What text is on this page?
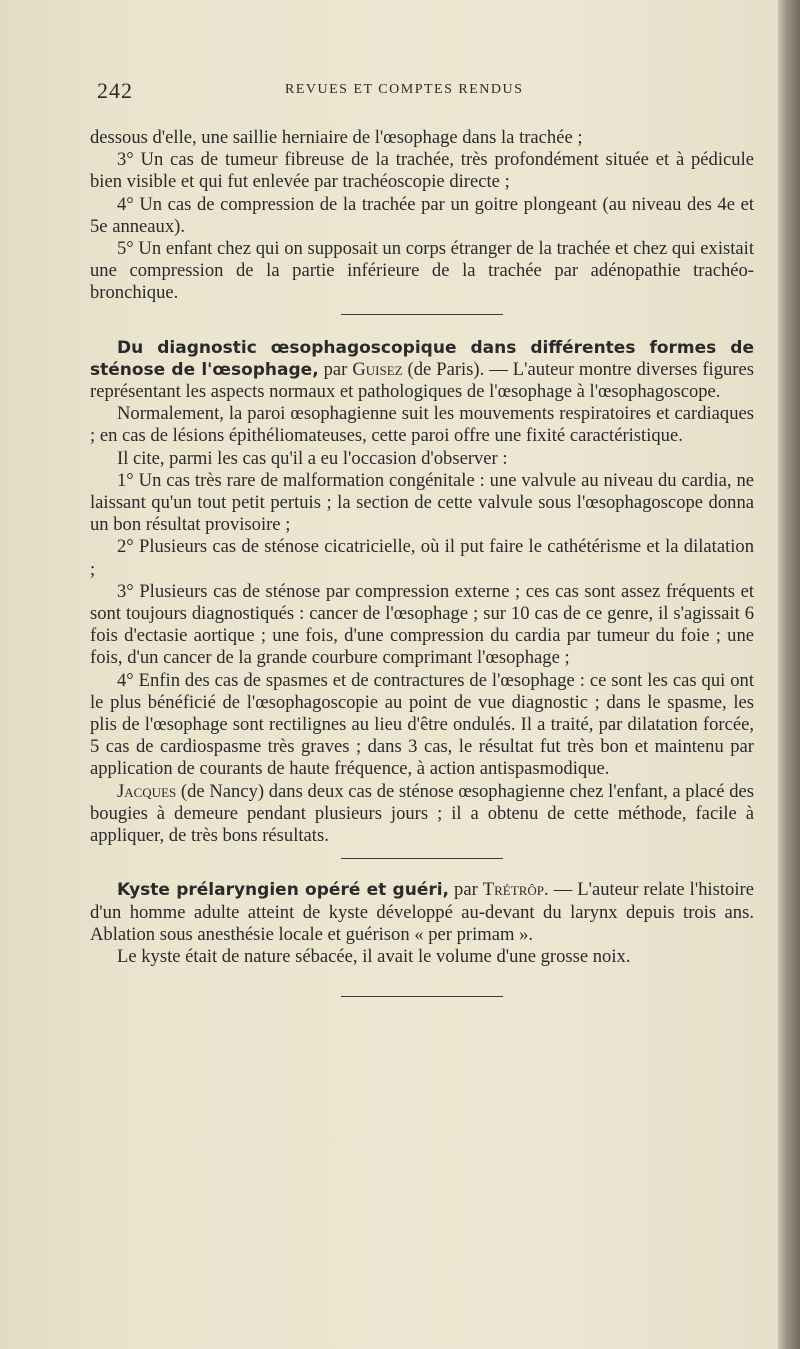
242	REVUES ET COMPTES RENDUS

dessous d'elle, une saillie herniaire de l'œsophage dans la trachée ;

3° Un cas de tumeur fibreuse de la trachée, très profondément située et à pédicule bien visible et qui fut enlevée par trachéoscopie directe ;

4° Un cas de compression de la trachée par un goitre plongeant (au niveau des 4e et 5e anneaux).

5° Un enfant chez qui on supposait un corps étranger de la trachée et chez qui existait une compression de la partie inférieure de la trachée par adénopathie trachéo-bronchique.

Du diagnostic œsophagoscopique dans différentes formes de sténose de l'œsophage, par Guisez (de Paris). — L'auteur montre diverses figures représentant les aspects normaux et pathologiques de l'œsophage à l'œsophagoscope.

Normalement, la paroi œsophagienne suit les mouvements respiratoires et cardiaques ; en cas de lésions épithéliomateuses, cette paroi offre une fixité caractéristique.

Il cite, parmi les cas qu'il a eu l'occasion d'observer :

1° Un cas très rare de malformation congénitale : une valvule au niveau du cardia, ne laissant qu'un tout petit pertuis ; la section de cette valvule sous l'œsophagoscope donna un bon résultat provisoire ;

2° Plusieurs cas de sténose cicatricielle, où il put faire le cathétérisme et la dilatation ;

3° Plusieurs cas de sténose par compression externe ; ces cas sont assez fréquents et sont toujours diagnostiqués : cancer de l'œsophage ; sur 10 cas de ce genre, il s'agissait 6 fois d'ectasie aortique ; une fois, d'une compression du cardia par tumeur du foie ; une fois, d'un cancer de la grande courbure comprimant l'œsophage ;

4° Enfin des cas de spasmes et de contractures de l'œsophage : ce sont les cas qui ont le plus bénéficié de l'œsophagoscopie au point de vue diagnostic ; dans le spasme, les plis de l'œsophage sont rectilignes au lieu d'être ondulés. Il a traité, par dilatation forcée, 5 cas de cardiospasme très graves ; dans 3 cas, le résultat fut très bon et maintenu par application de courants de haute fréquence, à action antispasmodique.

Jacques (de Nancy) dans deux cas de sténose œsophagienne chez l'enfant, a placé des bougies à demeure pendant plusieurs jours ; il a obtenu de cette méthode, facile à appliquer, de très bons résultats.

Kyste prélaryngien opéré et guéri, par Trétrôp. — L'auteur relate l'histoire d'un homme adulte atteint de kyste développé au-devant du larynx depuis trois ans. Ablation sous anesthésie locale et guérison « per primam ».

Le kyste était de nature sébacée, il avait le volume d'une grosse noix.
